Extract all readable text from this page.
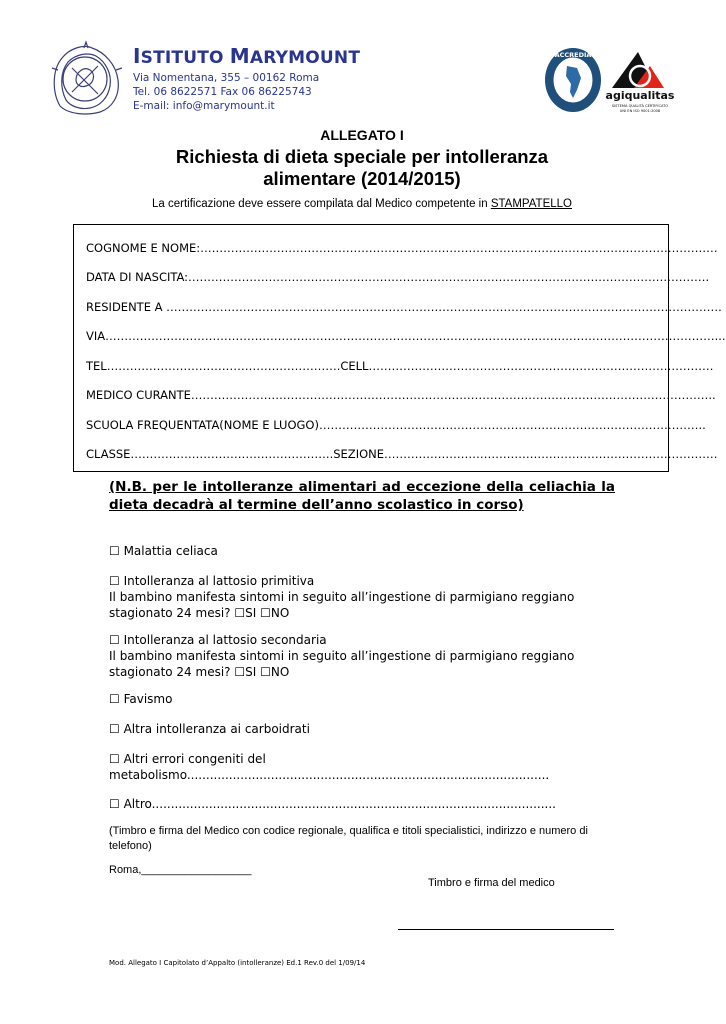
ISTITUTO MARYMOUNT
Via Nomentana, 355 – 00162 Roma
Tel. 06 8622571 Fax 06 86225743
E-mail: info@marymount.it
ACCREDIA
agiqualitas
SISTEMA QUALITÀ CERTIFICATO
UNI EN ISO 9001:2008
ALLEGATO I
Richiesta di dieta speciale per intolleranza
alimentare (2014/2015)
La certificazione deve essere compilata dal Medico competente in STAMPATELLO
COGNOME E NOME:………………………………………………………………………………………………………………………
DATA DI NASCITA:……………………………………………………………………………………………………………………….
RESIDENTE A ……………………………………………………………………………………………………………………………….
VIA……………………………………………………………………………………………………………………………………………...
TEL…………………………………………………….CELL………………………………………………………………………………
MEDICO CURANTE………………………………………………………………………………………………………………………..
SCUOLA FREQUENTATA(NOME E LUOGO)………………………………………………………………………………………..
CLASSE……………………………………………..SEZIONE……………………………………………………………………………
(N.B. per le intolleranze alimentari ad eccezione della celiachia la dieta decadrà al termine dell’anno scolastico in corso)
☐ Malattia celiaca
☐ Intolleranza al lattosio primitiva
Il bambino manifesta sintomi in seguito all’ingestione di parmigiano reggiano
stagionato 24 mesi? ☐SI ☐NO
☐ Intolleranza al lattosio secondaria
Il bambino manifesta sintomi in seguito all’ingestione di parmigiano reggiano
stagionato 24 mesi? ☐SI ☐NO
☐ Favismo
☐ Altra intolleranza ai carboidrati
☐ Altri errori congeniti del
metabolismo...............................................................................................
☐ Altro..........................................................................................................
(Timbro e firma del Medico con codice regionale, qualifica e titoli specialistici, indirizzo e numero di telefono)
Roma,__________________
Timbro e firma del medico
Mod. Allegato I Capitolato d’Appalto (intolleranze) Ed.1 Rev.0 del 1/09/14
